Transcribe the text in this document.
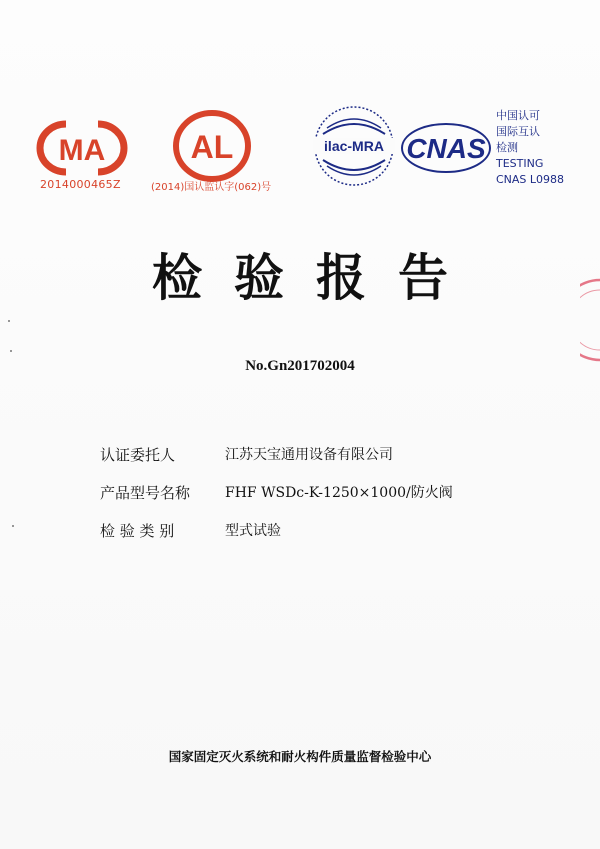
MA
2014000465Z
AL
(2014)国认监认字(062)号
ilac-MRA CNAS
中国认可
国际互认
检测
TESTING
CNAS L0988
检验报告
No.Gn201702004
认证委托人	江苏天宝通用设备有限公司
产品型号名称	FHF WSDc-K-1250×1000/防火阀
检 验 类 别	型式试验
国家固定灭火系统和耐火构件质量监督检验中心
